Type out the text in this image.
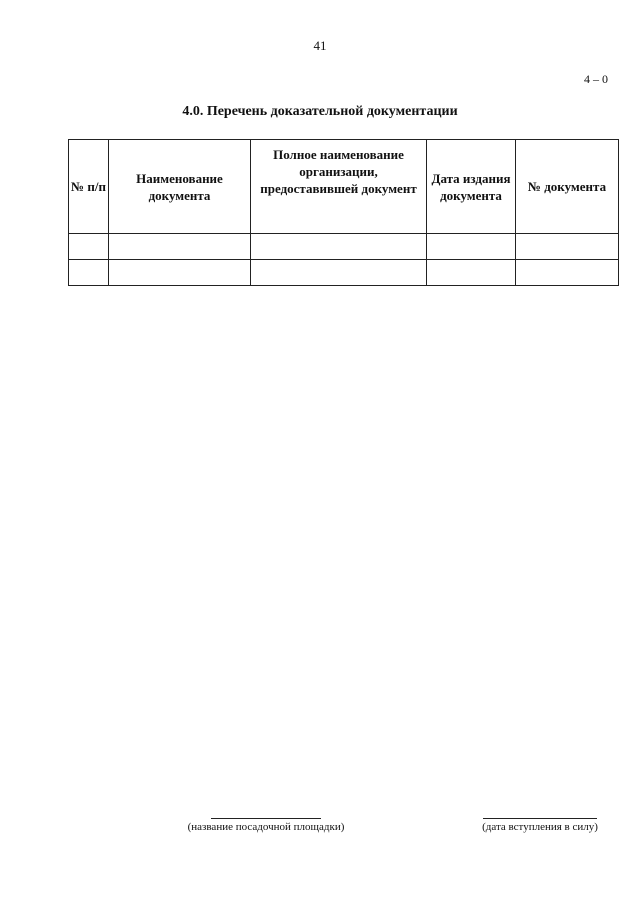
41
4 – 0
4.0. Перечень доказательной документации
№ п/п	Наименование документа	Полное наименование организации, предоставившей документ	Дата издания документа	№ документа

(название посадочной площадки)	(дата вступления в силу)
